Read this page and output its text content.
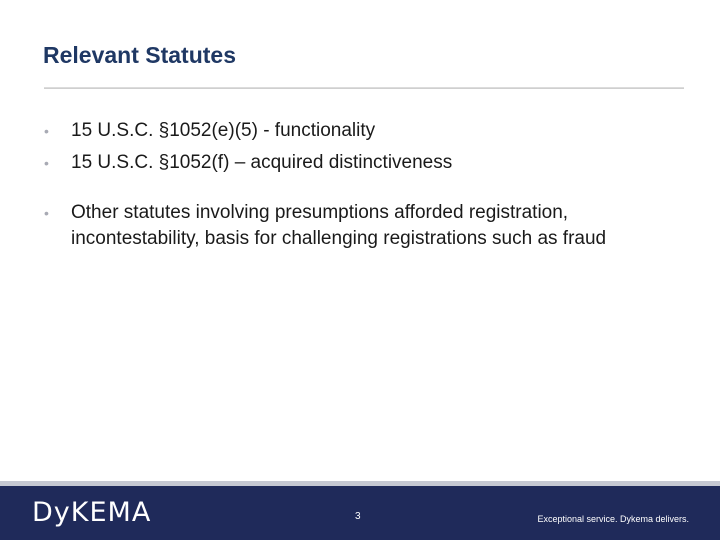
Relevant Statutes
• 15 U.S.C. §1052(e)(5) - functionality
• 15 U.S.C. §1052(f) – acquired distinctiveness
• Other statutes involving presumptions afforded registration, incontestability, basis for challenging registrations such as fraud
DyKEMA	3	Exceptional service. Dykema delivers.
